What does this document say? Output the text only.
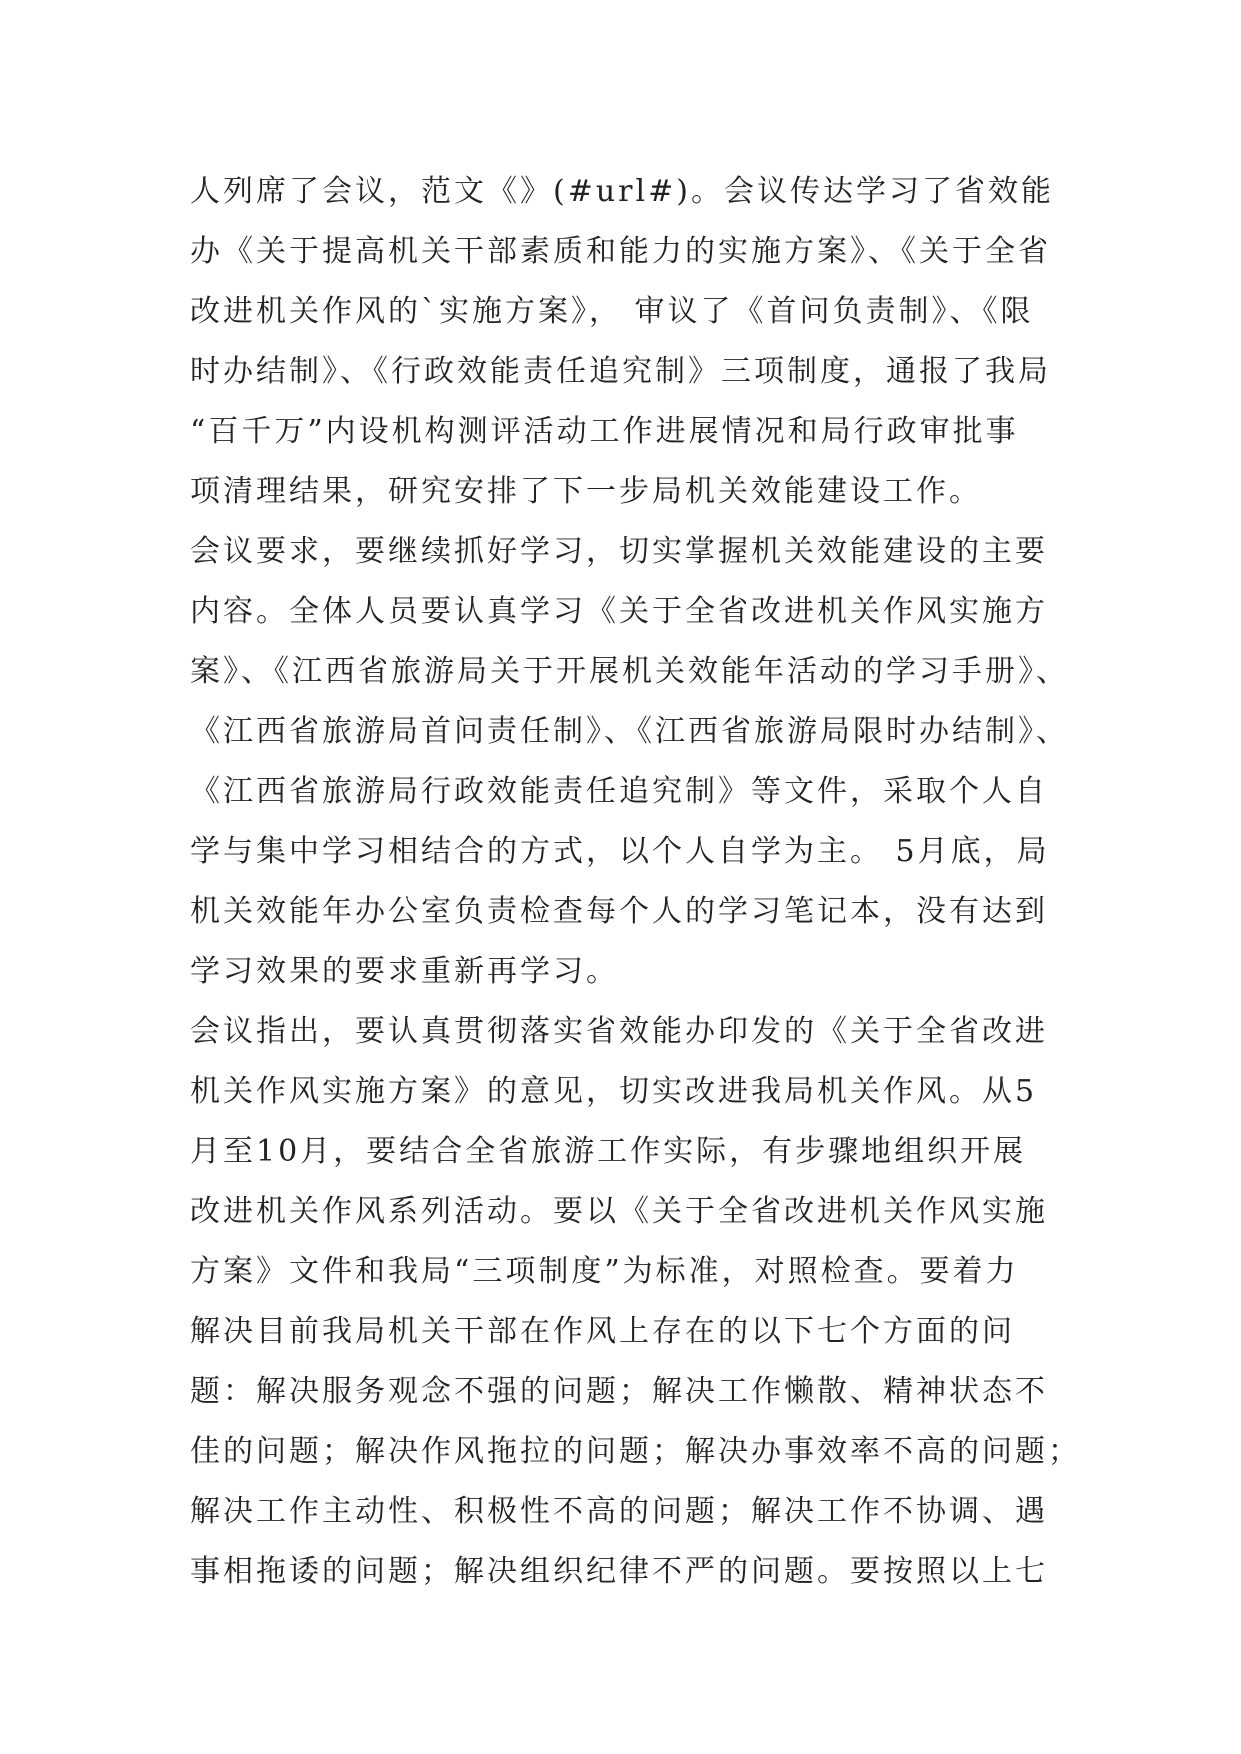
人列席了会议，范文《》(#url#)。会议传达学习了省效能
办《关于提高机关干部素质和能力的实施方案》、《关于全省
改进机关作风的`实施方案》， 审议了《首问负责制》、《限
时办结制》、《行政效能责任追究制》三项制度，通报了我局
“百千万”内设机构测评活动工作进展情况和局行政审批事
项清理结果，研究安排了下一步局机关效能建设工作。
会议要求，要继续抓好学习，切实掌握机关效能建设的主要
内容。全体人员要认真学习《关于全省改进机关作风实施方
案》、《江西省旅游局关于开展机关效能年活动的学习手册》、
《江西省旅游局首问责任制》、《江西省旅游局限时办结制》、
《江西省旅游局行政效能责任追究制》等文件，采取个人自
学与集中学习相结合的方式，以个人自学为主。 5月底，局
机关效能年办公室负责检查每个人的学习笔记本，没有达到
学习效果的要求重新再学习。
会议指出，要认真贯彻落实省效能办印发的《关于全省改进
机关作风实施方案》的意见，切实改进我局机关作风。从5
月至10月，要结合全省旅游工作实际，有步骤地组织开展
改进机关作风系列活动。要以《关于全省改进机关作风实施
方案》文件和我局“三项制度”为标准，对照检查。要着力
解决目前我局机关干部在作风上存在的以下七个方面的问
题：解决服务观念不强的问题；解决工作懒散、精神状态不
佳的问题；解决作风拖拉的问题；解决办事效率不高的问题；
解决工作主动性、积极性不高的问题；解决工作不协调、遇
事相拖诿的问题；解决组织纪律不严的问题。要按照以上七
